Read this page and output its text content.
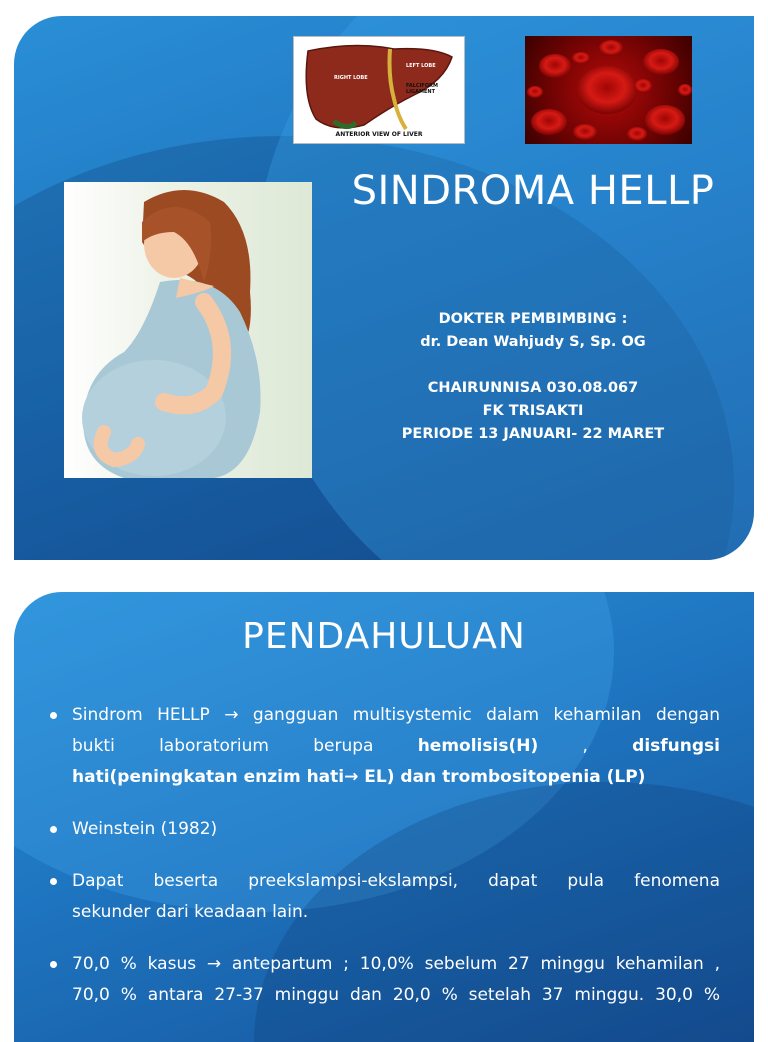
RIGHT LOBE
LEFT LOBE
FALCIFORM LIGAMENT
ANTERIOR VIEW OF LIVER
SINDROMA HELLP
DOKTER PEMBIMBING :
dr. Dean Wahjudy S, Sp. OG
CHAIRUNNISA 030.08.067
FK TRISAKTI
PERIODE 13 JANUARI- 22 MARET
PENDAHULUAN
Sindrom HELLP → gangguan multisystemic dalam kehamilan dengan
bukti	laboratorium	berupa	hemolisis(H)	,	disfungsi
hati(peningkatan enzim hati→ EL) dan trombositopenia (LP)
Weinstein (1982)
Dapat beserta preekslampsi-ekslampsi, dapat pula fenomena
sekunder dari keadaan lain.
70,0 % kasus → antepartum ; 10,0% sebelum 27 minggu kehamilan ,
70,0 % antara 27-37 minggu dan 20,0 % setelah 37 minggu. 30,0 %
